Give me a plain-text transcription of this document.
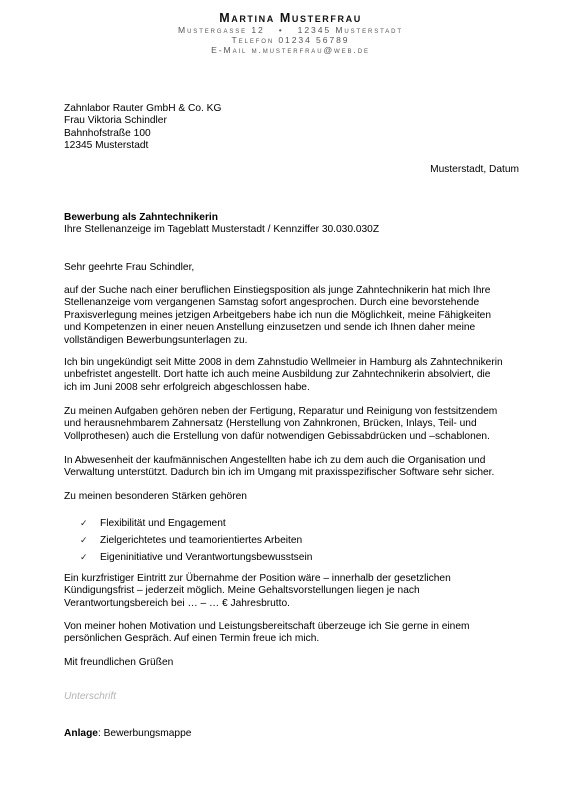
Martina Musterfrau
Mustergasse 12 • 12345 Musterstadt
Telefon 01234 56789
E-Mail m.musterfrau@web.de
Zahnlabor Rauter GmbH & Co. KG
Frau Viktoria Schindler
Bahnhofstraße 100
12345 Musterstadt
Musterstadt, Datum
Bewerbung als Zahntechnikerin
Ihre Stellenanzeige im Tageblatt Musterstadt / Kennziffer 30.030.030Z
Sehr geehrte Frau Schindler,
auf der Suche nach einer beruflichen Einstiegsposition als junge Zahntechnikerin hat mich Ihre
Stellenanzeige vom vergangenen Samstag sofort angesprochen. Durch eine bevorstehende
Praxisverlegung meines jetzigen Arbeitgebers habe ich nun die Möglichkeit, meine Fähigkeiten
und Kompetenzen in einer neuen Anstellung einzusetzen und sende ich Ihnen daher meine
vollständigen Bewerbungsunterlagen zu.
Ich bin ungekündigt seit Mitte 2008 in dem Zahnstudio Wellmeier in Hamburg als Zahntechnikerin
unbefristet angestellt. Dort hatte ich auch meine Ausbildung zur Zahntechnikerin absolviert, die
ich im Juni 2008 sehr erfolgreich abgeschlossen habe.
Zu meinen Aufgaben gehören neben der Fertigung, Reparatur und Reinigung von festsitzendem
und herausnehmbarem Zahnersatz (Herstellung von Zahnkronen, Brücken, Inlays, Teil- und
Vollprothesen) auch die Erstellung von dafür notwendigen Gebissabdrücken und –schablonen.
In Abwesenheit der kaufmännischen Angestellten habe ich zu dem auch die Organisation und
Verwaltung unterstützt. Dadurch bin ich im Umgang mit praxisspezifischer Software sehr sicher.
Zu meinen besonderen Stärken gehören
✓ Flexibilität und Engagement
✓ Zielgerichtetes und teamorientiertes Arbeiten
✓ Eigeninitiative und Verantwortungsbewusstsein
Ein kurzfristiger Eintritt zur Übernahme der Position wäre – innerhalb der gesetzlichen
Kündigungsfrist – jederzeit möglich. Meine Gehaltsvorstellungen liegen je nach
Verantwortungsbereich bei … – … € Jahresbrutto.
Von meiner hohen Motivation und Leistungsbereitschaft überzeuge ich Sie gerne in einem
persönlichen Gespräch. Auf einen Termin freue ich mich.
Mit freundlichen Grüßen
Unterschrift
Anlage: Bewerbungsmappe
